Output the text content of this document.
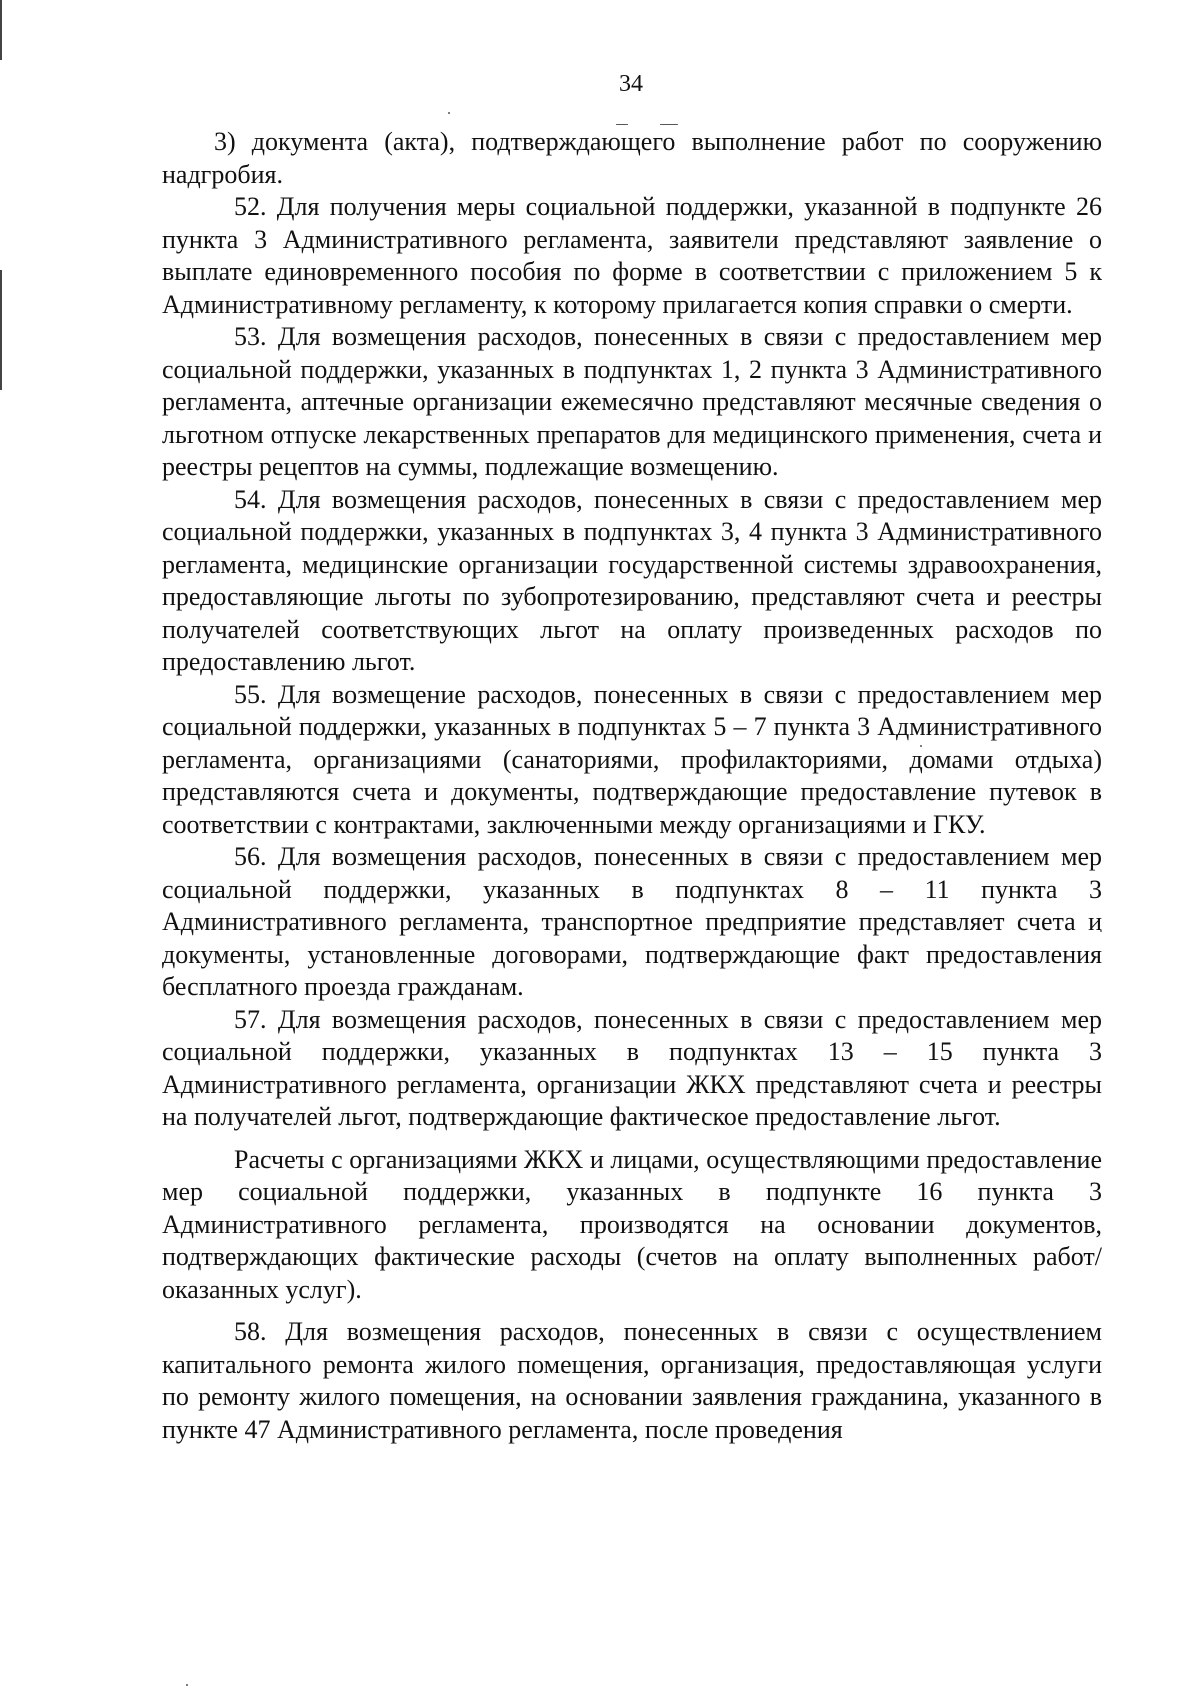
34

3) документа (акта), подтверждающего выполнение работ по сооружению надгробия.

52. Для получения меры социальной поддержки, указанной в подпункте 26 пункта 3 Административного регламента, заявители представляют заявление о выплате единовременного пособия по форме в соответствии с приложением 5 к Административному регламенту, к которому прилагается копия справки о смерти.

53. Для возмещения расходов, понесенных в связи с предоставлением мер социальной поддержки, указанных в подпунктах 1, 2 пункта 3 Административного регламента, аптечные организации ежемесячно представляют месячные сведения о льготном отпуске лекарственных препаратов для медицинского применения, счета и реестры рецептов на суммы, подлежащие возмещению.

54. Для возмещения расходов, понесенных в связи с предоставлением мер социальной поддержки, указанных в подпунктах 3, 4 пункта 3 Административного регламента, медицинские организации государственной системы здравоохранения, предоставляющие льготы по зубопротезированию, представляют счета и реестры получателей соответствующих льгот на оплату произведенных расходов по предоставлению льгот.

55. Для возмещение расходов, понесенных в связи с предоставлением мер социальной поддержки, указанных в подпунктах 5 – 7 пункта 3 Административного регламента, организациями (санаториями, профилакториями, домами отдыха) представляются счета и документы, подтверждающие предоставление путевок в соответствии с контрактами, заключенными между организациями и ГКУ.

56. Для возмещения расходов, понесенных в связи с предоставлением мер социальной поддержки, указанных в подпунктах 8 – 11 пункта 3 Административного регламента, транспортное предприятие представляет счета и документы, установленные договорами, подтверждающие факт предоставления бесплатного проезда гражданам.

57. Для возмещения расходов, понесенных в связи с предоставлением мер социальной поддержки, указанных в подпунктах 13 – 15 пункта 3 Административного регламента, организации ЖКХ представляют счета и реестры на получателей льгот, подтверждающие фактическое предоставление льгот.

Расчеты с организациями ЖКХ и лицами, осуществляющими предоставление мер социальной поддержки, указанных в подпункте 16 пункта 3 Административного регламента, производятся на основании документов, подтверждающих фактические расходы (счетов на оплату выполненных работ/оказанных услуг).

58. Для возмещения расходов, понесенных в связи с осуществлением капитального ремонта жилого помещения, организация, предоставляющая услуги по ремонту жилого помещения, на основании заявления гражданина, указанного в пункте 47 Административного регламента, после проведения
